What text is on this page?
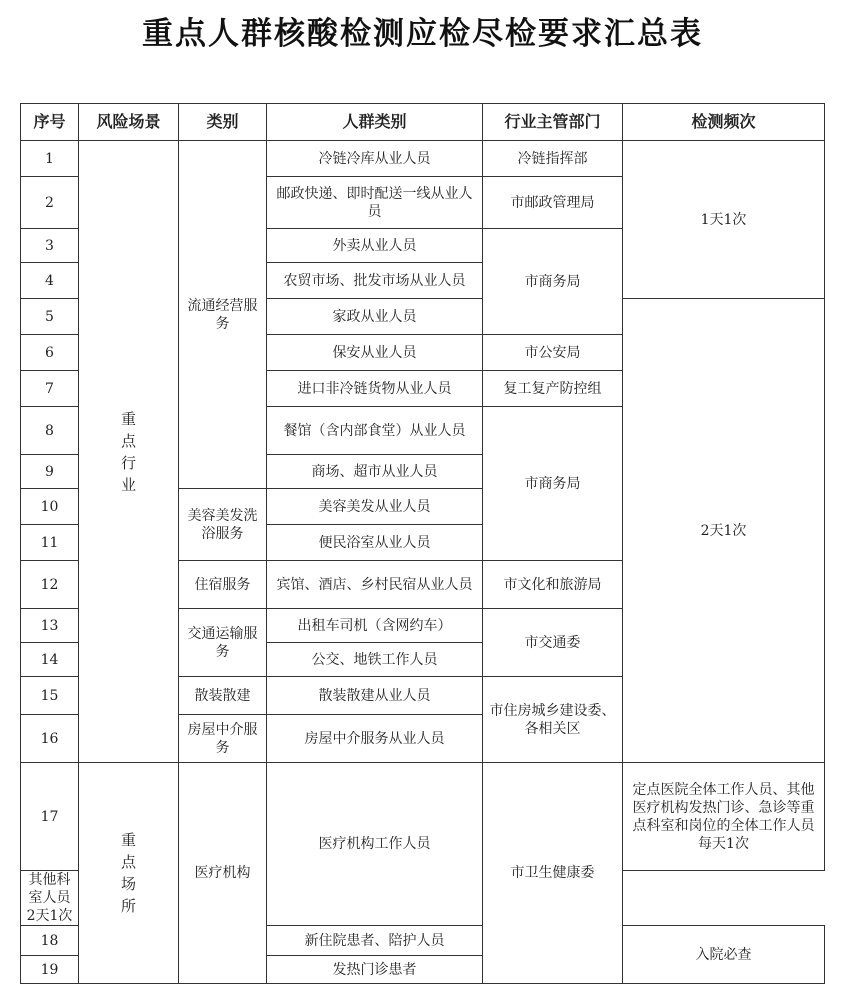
重点人群核酸检测应检尽检要求汇总表
序号	风险场景	类别	人群类别	行业主管部门	检测频次
1	重点行业	流通经营服务	冷链冷库从业人员	冷链指挥部	1天1次
2			邮政快递、即时配送一线从业人员	市邮政管理局	
3			外卖从业人员	市商务局	
4			农贸市场、批发市场从业人员		
5			家政从业人员		2天1次
6			保安从业人员	市公安局	
7			进口非冷链货物从业人员	复工复产防控组	
8			餐馆（含内部食堂）从业人员	市商务局	
9			商场、超市从业人员		
10		美容美发洗浴服务	美容美发从业人员		
11			便民浴室从业人员		
12		住宿服务	宾馆、酒店、乡村民宿从业人员	市文化和旅游局	
13		交通运输服务	出租车司机（含网约车）	市交通委	
14			公交、地铁工作人员		
15		散装散建	散装散建从业人员	市住房城乡建设委、各相关区	
16		房屋中介服务	房屋中介服务从业人员		
17	重点场所	医疗机构	医疗机构工作人员	市卫生健康委	定点医院全体工作人员、其他医疗机构发热门诊、急诊等重点科室和岗位的全体工作人员每天1次
其他科室人员2天1次					
18			新住院患者、陪护人员		入院必查
19			发热门诊患者		
